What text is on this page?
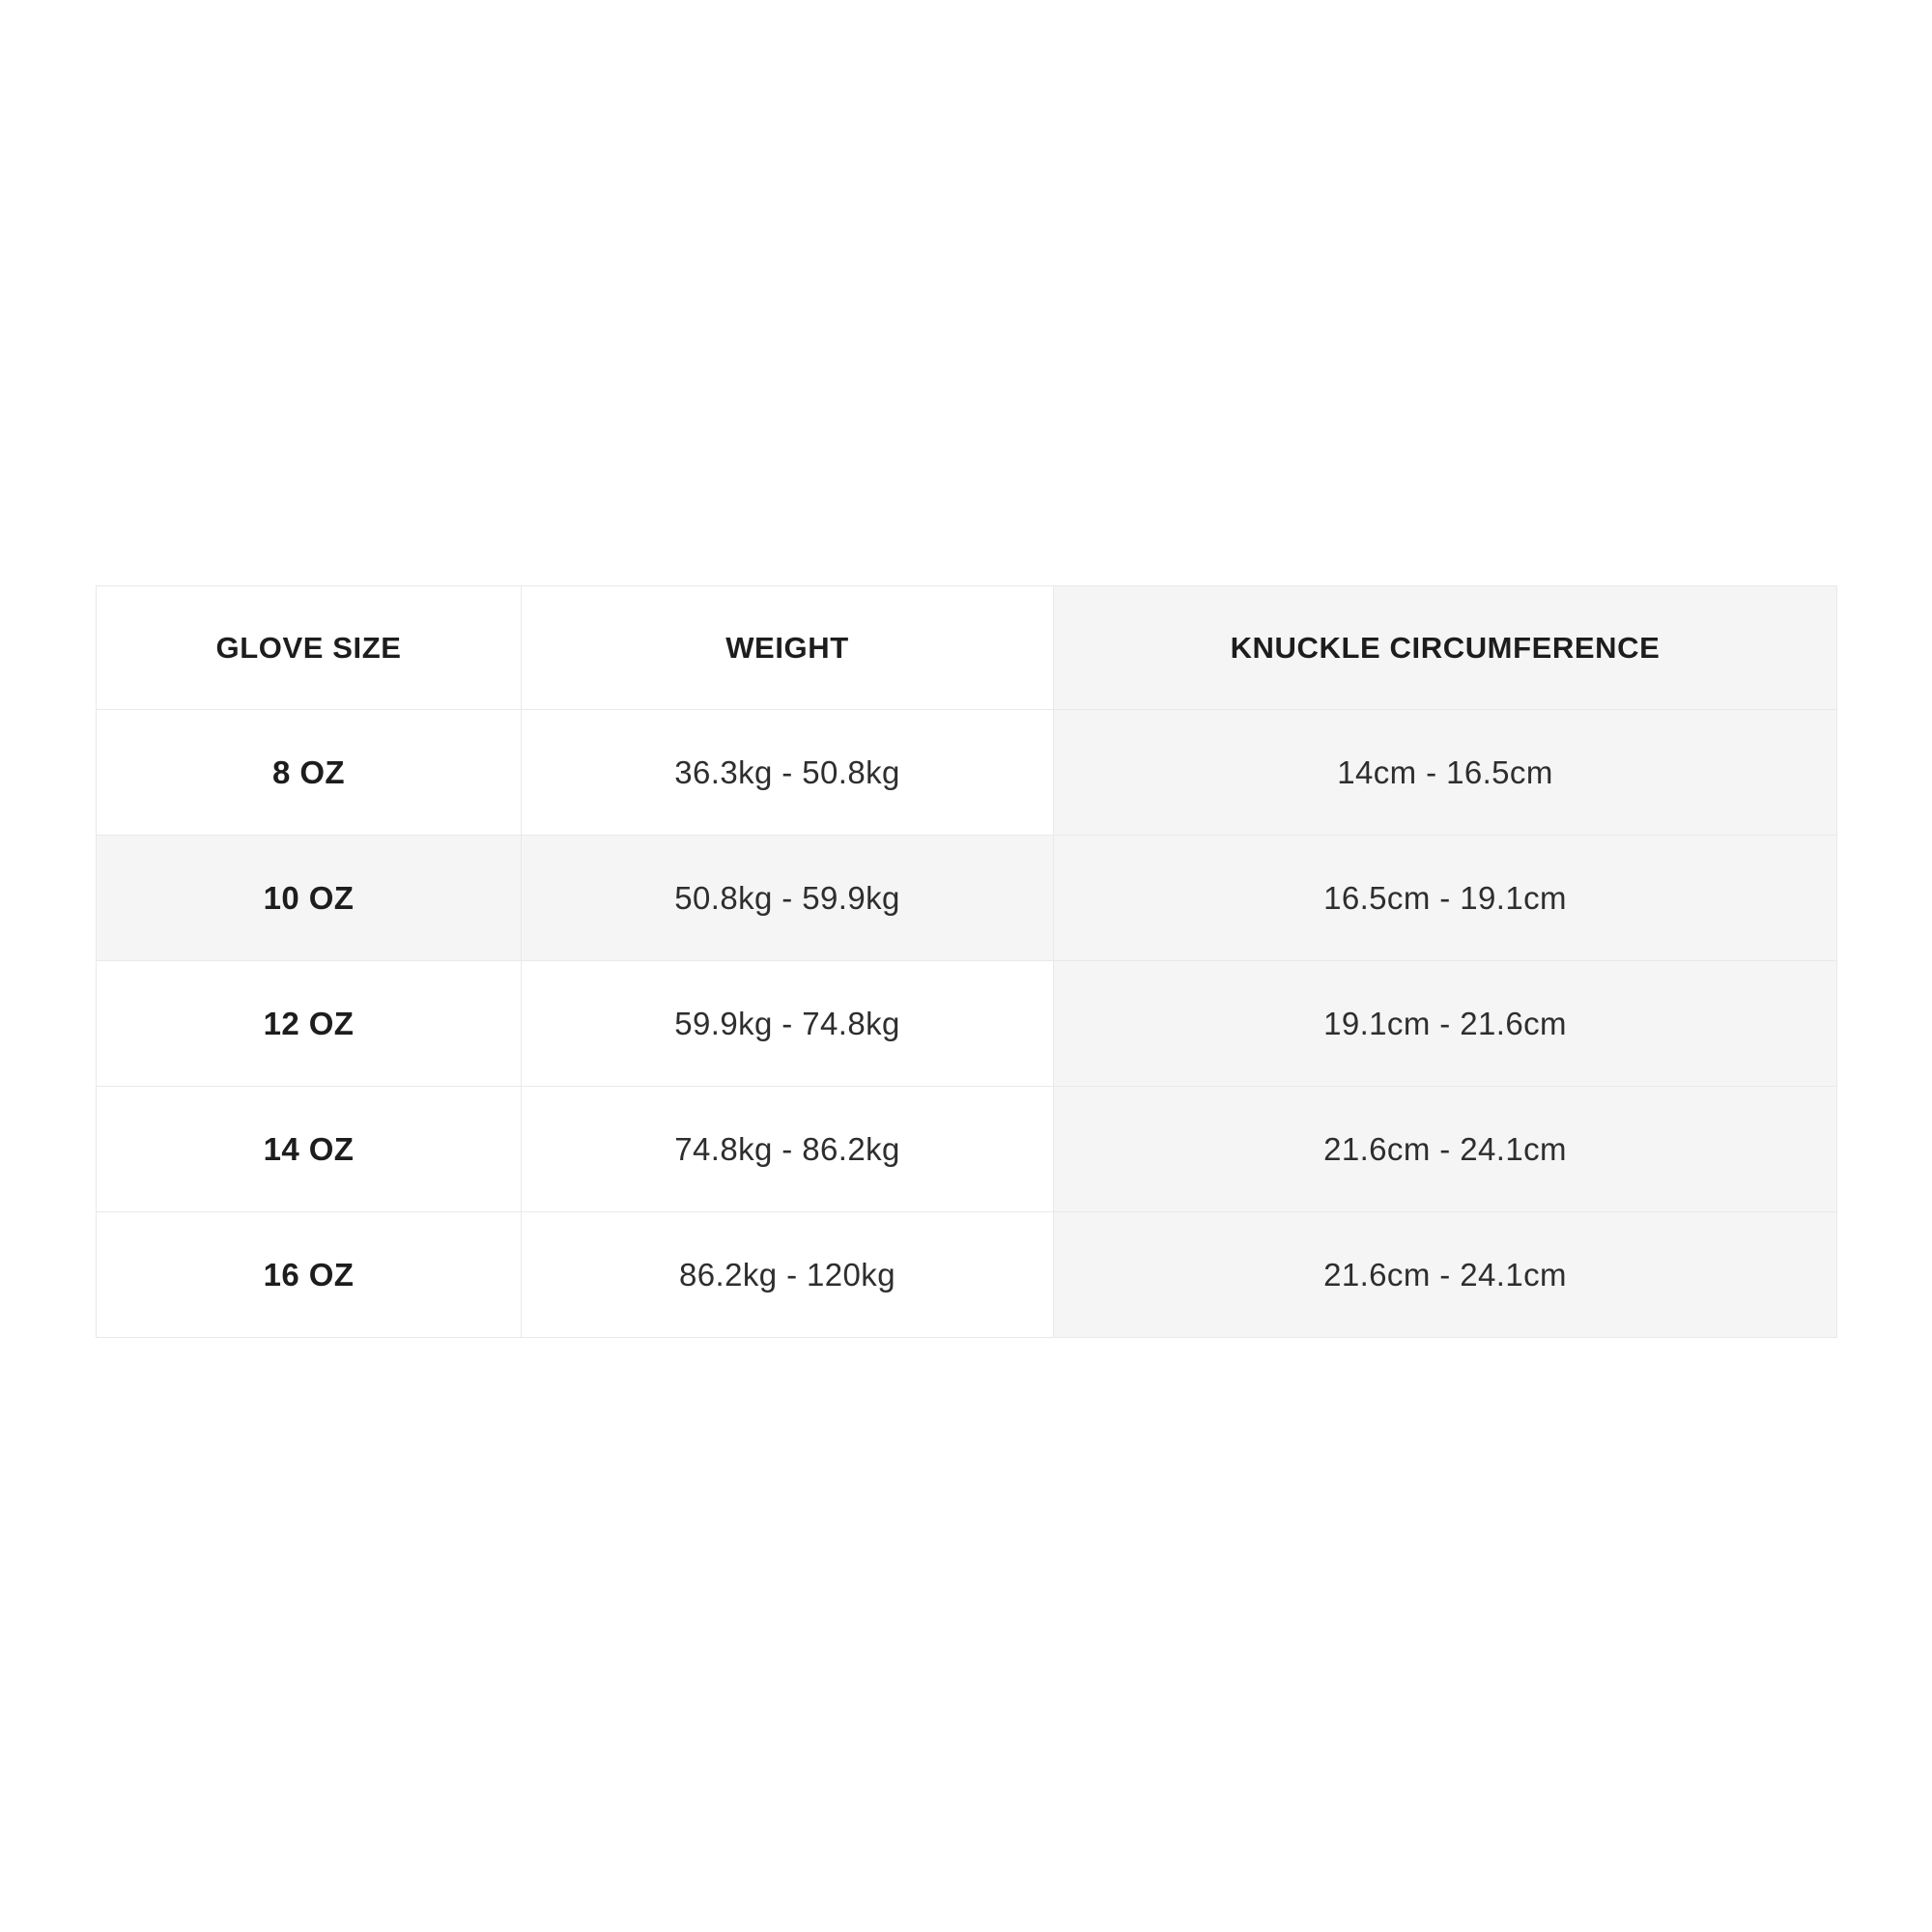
GLOVE SIZE	WEIGHT	KNUCKLE CIRCUMFERENCE
8 OZ	36.3kg - 50.8kg	14cm - 16.5cm
10 OZ	50.8kg - 59.9kg	16.5cm - 19.1cm
12 OZ	59.9kg - 74.8kg	19.1cm - 21.6cm
14 OZ	74.8kg - 86.2kg	21.6cm - 24.1cm
16 OZ	86.2kg - 120kg	21.6cm - 24.1cm
